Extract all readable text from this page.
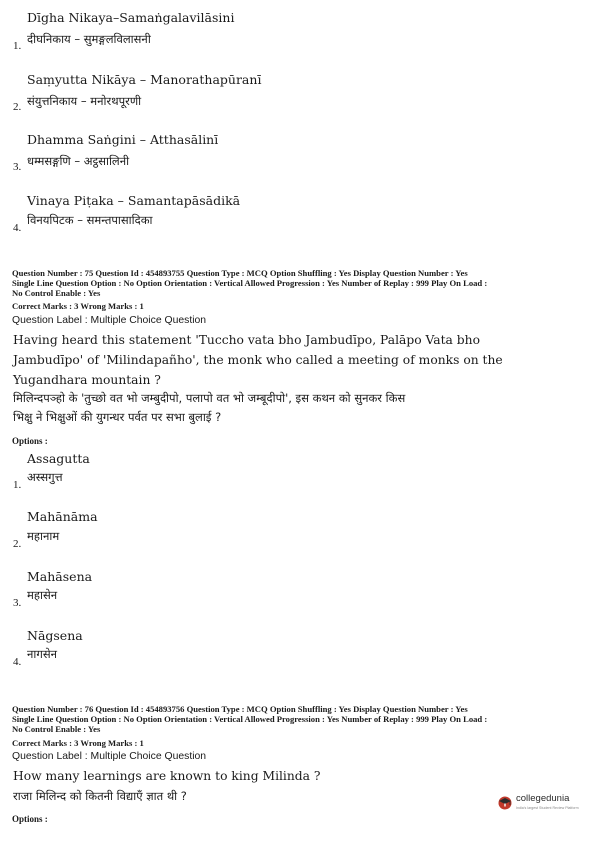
Dīgha Nikaya–Samaṅgalavilāsini
1. दीघनिकाय – सुमङ्गलविलासनी
Saṃyutta Nikāya – Manorathapūranī
2. संयुत्तनिकाय – मनोरथपूरणी
Dhamma Saṅgini – Atthasālinī
3. धम्मसङ्गणि – अट्ठसालिनी
Vinaya Piṭaka – Samantapāsādikā
4.
विनयपिटक – समन्तपासादिका
Question Number : 75 Question Id : 454893755 Question Type : MCQ Option Shuffling : Yes Display Question Number : Yes
Single Line Question Option : No Option Orientation : Vertical Allowed Progression : Yes Number of Replay : 999 Play On Load :
No Control Enable : Yes
Correct Marks : 3 Wrong Marks : 1
Question Label : Multiple Choice Question
Having heard this statement 'Tuccho vata bho Jambudīpo, Palāpo Vata bho
Jambudīpo' of 'Milindapañho', the monk who called a meeting of monks on the
Yugandhara mountain ?
मिलिन्दपञ्हो के 'तुच्छो वत भो जम्बुदीपो, पलापो वत भो जम्बूदीपो', इस कथन को सुनकर किस
भिक्षु ने भिक्षुओं की युगन्धर पर्वत पर सभा बुलाई ?
Options :
Assagutta
1.
अस्सगुत्त
Mahānāma
2.
महानाम
Mahāsena
3.
महासेन
Nāgsena
4.
नागसेन
Question Number : 76 Question Id : 454893756 Question Type : MCQ Option Shuffling : Yes Display Question Number : Yes
Single Line Question Option : No Option Orientation : Vertical Allowed Progression : Yes Number of Replay : 999 Play On Load :
No Control Enable : Yes
Correct Marks : 3 Wrong Marks : 1
Question Label : Multiple Choice Question
How many learnings are known to king Milinda ?
राजा मिलिन्द को कितनी विद्याएँ ज्ञात थी ?
Options :
collegedunia
India's largest Student Review Platform
